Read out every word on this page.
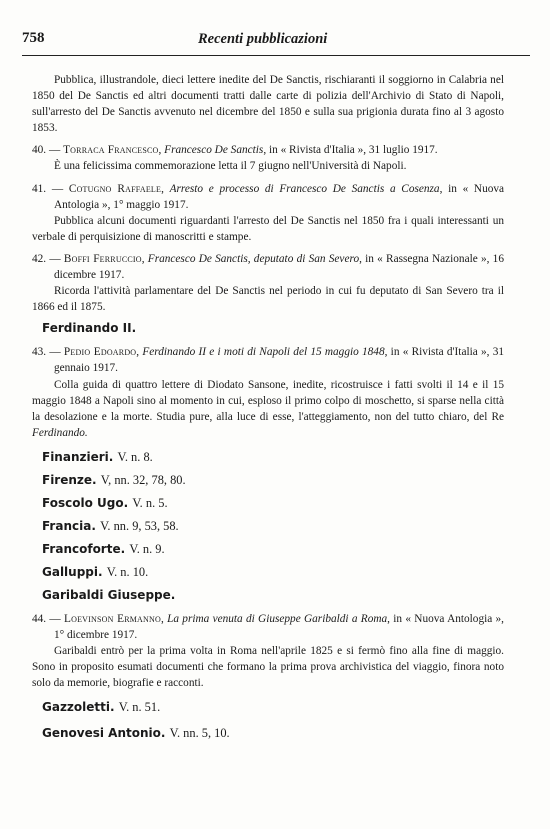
758	Recenti pubblicazioni

Pubblica, illustrandole, dieci lettere inedite del De Sanctis, rischiaranti il soggiorno in Calabria nel 1850 del De Sanctis ed altri documenti tratti dalle carte di polizia dell'Archivio di Stato di Napoli, sull'arresto del De Sanctis avvenuto nel dicembre del 1850 e sulla sua prigionia durata fino al 3 agosto 1853.

40. — Torraca Francesco, Francesco De Sanctis, in « Rivista d'Italia », 31 luglio 1917.

È una felicissima commemorazione letta il 7 giugno nell'Università di Napoli.

41. — Cotugno Raffaele, Arresto e processo di Francesco De Sanctis a Cosenza, in « Nuova Antologia », 1° maggio 1917.

Pubblica alcuni documenti riguardanti l'arresto del De Sanctis nel 1850 fra i quali interessanti un verbale di perquisizione di manoscritti e stampe.

42. — Boffi Ferruccio, Francesco De Sanctis, deputato di San Severo, in « Rassegna Nazionale », 16 dicembre 1917.

Ricorda l'attività parlamentare del De Sanctis nel periodo in cui fu deputato di San Severo tra il 1866 ed il 1875.

Ferdinando II.

43. — Pedio Edoardo, Ferdinando II e i moti di Napoli del 15 maggio 1848, in « Rivista d'Italia », 31 gennaio 1917.

Colla guida di quattro lettere di Diodato Sansone, inedite, ricostruisce i fatti svolti il 14 e il 15 maggio 1848 a Napoli sino al momento in cui, esploso il primo colpo di moschetto, si sparse nella città la desolazione e la morte. Studia pure, alla luce di esse, l'atteggiamento, non del tutto chiaro, del Re Ferdinando.

Finanzieri. V. n. 8.
Firenze. V, nn. 32, 78, 80.
Foscolo Ugo. V. n. 5.
Francia. V. nn. 9, 53, 58.
Francoforte. V. n. 9.
Galluppi. V. n. 10.
Garibaldi Giuseppe.

44. — Loevinson Ermanno, La prima venuta di Giuseppe Garibaldi a Roma, in « Nuova Antologia », 1° dicembre 1917.

Garibaldi entrò per la prima volta in Roma nell'aprile 1825 e si fermò fino alla fine di maggio. Sono in proposito esumati documenti che formano la prima prova archivistica del viaggio, finora noto solo da memorie, biografie e racconti.

Gazzoletti. V. n. 51.
Genovesi Antonio. V. nn. 5, 10.
